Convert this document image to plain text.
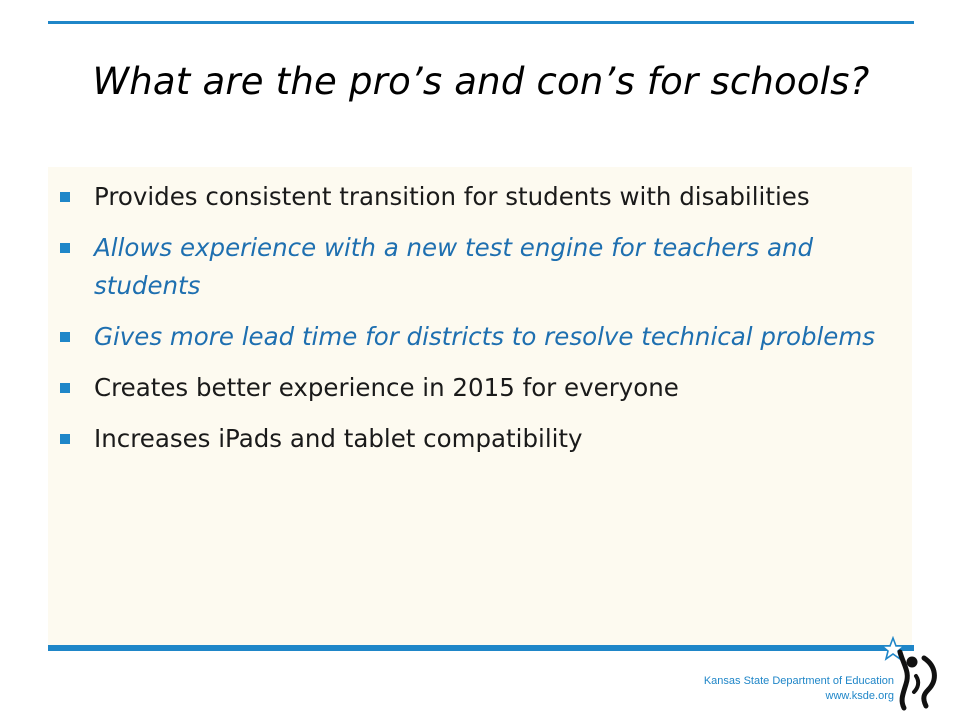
What are the pro’s and con’s for schools?
Provides consistent transition for students with disabilities
Allows experience with a new test engine for teachers and students
Gives more lead time for districts to resolve technical problems
Creates better experience in 2015 for everyone
Increases iPads and tablet compatibility
Kansas State Department of Education
www.ksde.org
